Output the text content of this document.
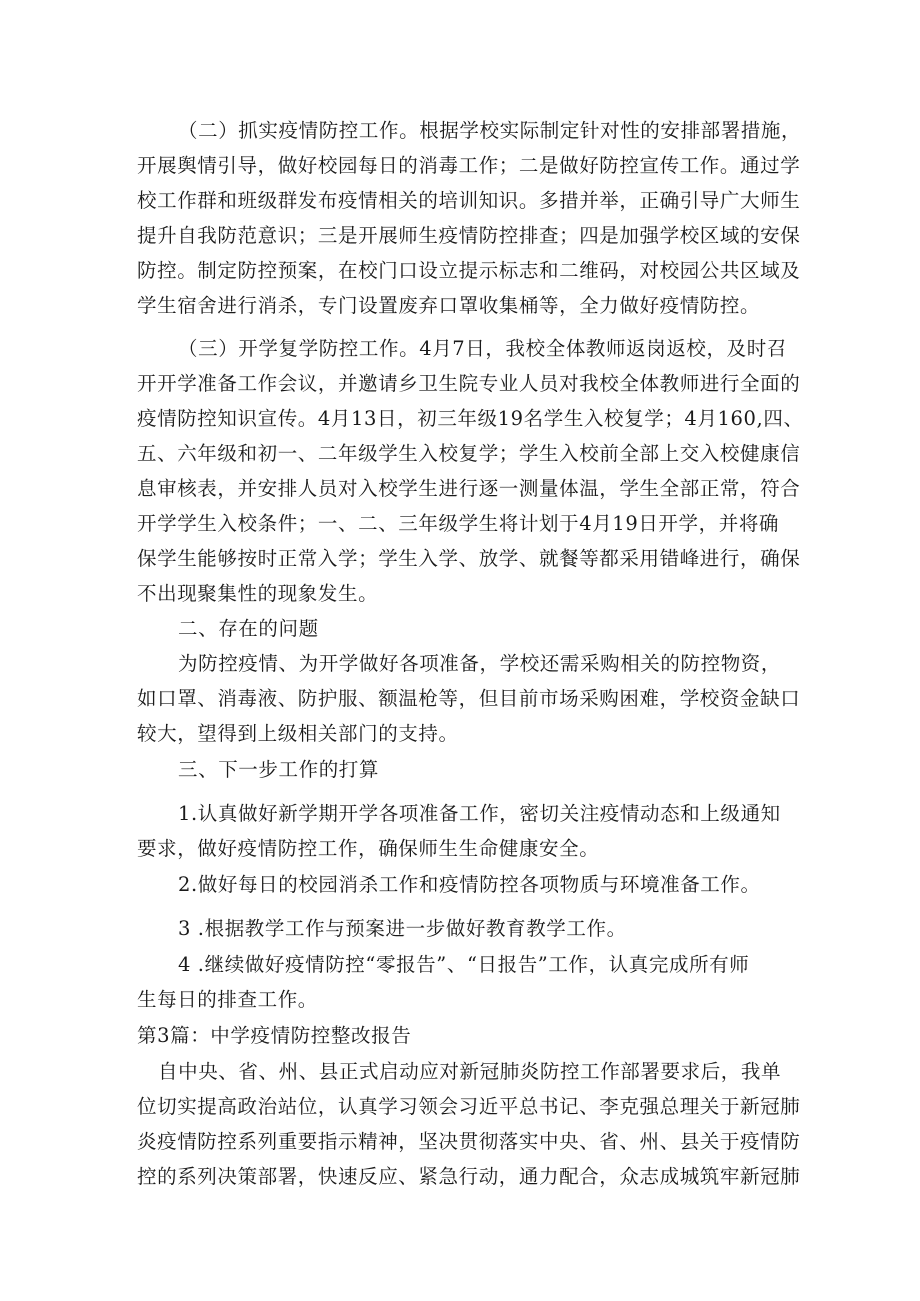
（二）抓实疫情防控工作。根据学校实际制定针对性的安排部署措施，
开展舆情引导，做好校园每日的消毒工作；二是做好防控宣传工作。通过学
校工作群和班级群发布疫情相关的培训知识。多措并举，正确引导广大师生
提升自我防范意识；三是开展师生疫情防控排查；四是加强学校区域的安保
防控。制定防控预案，在校门口设立提示标志和二维码，对校园公共区域及
学生宿舍进行消杀，专门设置废弃口罩收集桶等，全力做好疫情防控。
（三）开学复学防控工作。4月7日，我校全体教师返岗返校，及时召
开开学准备工作会议，并邀请乡卫生院专业人员对我校全体教师进行全面的
疫情防控知识宣传。4月13日，初三年级19名学生入校复学；4月160,四、
五、六年级和初一、二年级学生入校复学；学生入校前全部上交入校健康信
息审核表，并安排人员对入校学生进行逐一测量体温，学生全部正常，符合
开学学生入校条件；一、二、三年级学生将计划于4月19日开学，并将确
保学生能够按时正常入学；学生入学、放学、就餐等都采用错峰进行，确保
不出现聚集性的现象发生。
二、存在的问题
为防控疫情、为开学做好各项准备，学校还需采购相关的防控物资，
如口罩、消毒液、防护服、额温枪等，但目前市场采购困难，学校资金缺口
较大，望得到上级相关部门的支持。
三、下一步工作的打算
1.认真做好新学期开学各项准备工作，密切关注疫情动态和上级通知
要求，做好疫情防控工作，确保师生生命健康安全。
2.做好每日的校园消杀工作和疫情防控各项物质与环境准备工作。
3 .根据教学工作与预案进一步做好教育教学工作。
4 .继续做好疫情防控“零报告”、“日报告”工作，认真完成所有师
生每日的排查工作。
第3篇：中学疫情防控整改报告
自中央、省、州、县正式启动应对新冠肺炎防控工作部署要求后，我单
位切实提高政治站位，认真学习领会习近平总书记、李克强总理关于新冠肺
炎疫情防控系列重要指示精神，坚决贯彻落实中央、省、州、县关于疫情防
控的系列决策部署，快速反应、紧急行动，通力配合，众志成城筑牢新冠肺
